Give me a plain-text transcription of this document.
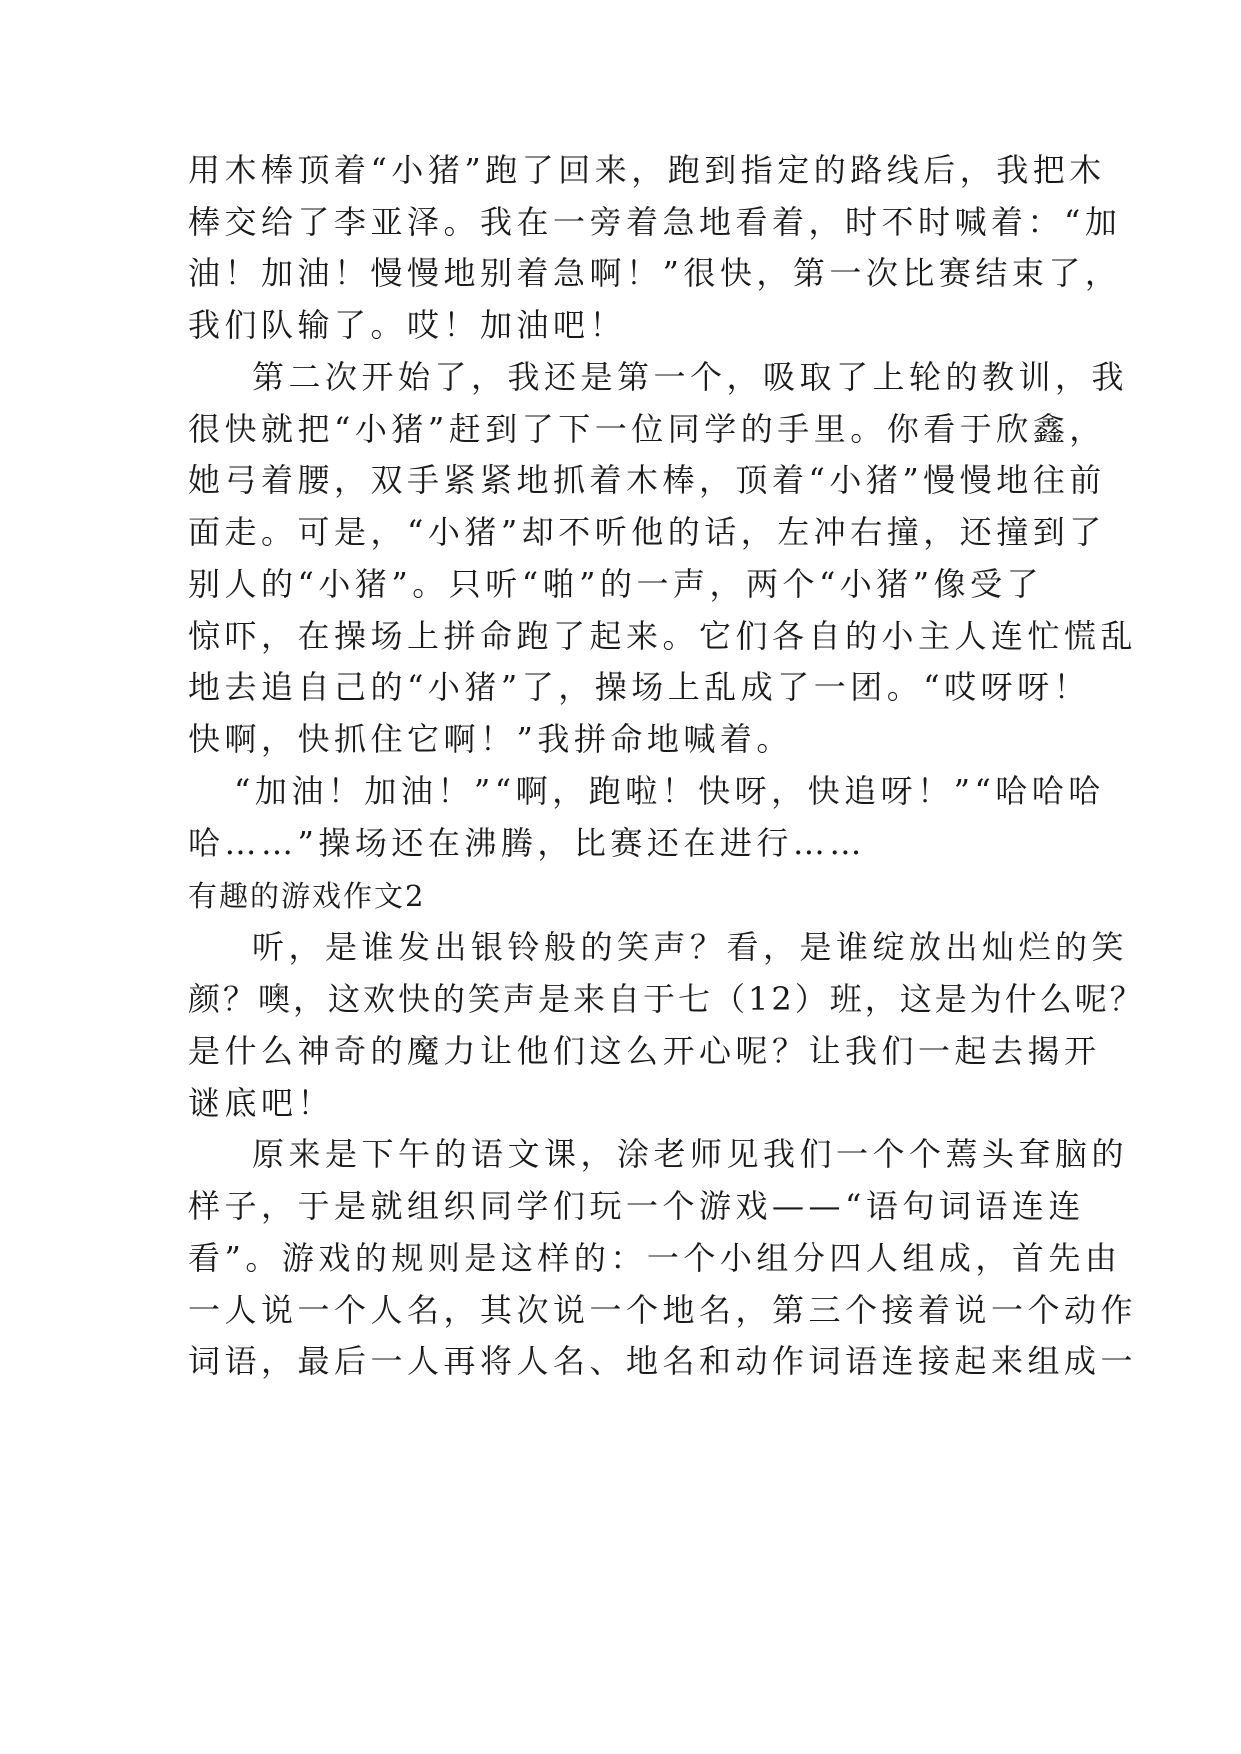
用木棒顶着“小猪”跑了回来，跑到指定的路线后，我把木
棒交给了李亚泽。我在一旁着急地看着，时不时喊着：“加
油！加油！慢慢地别着急啊！”很快，第一次比赛结束了，
我们队输了。哎！加油吧！
第二次开始了，我还是第一个，吸取了上轮的教训，我
很快就把“小猪”赶到了下一位同学的手里。你看于欣鑫，
她弓着腰，双手紧紧地抓着木棒，顶着“小猪”慢慢地往前
面走。可是，“小猪”却不听他的话，左冲右撞，还撞到了
别人的“小猪”。只听“啪”的一声，两个“小猪”像受了
惊吓，在操场上拼命跑了起来。它们各自的小主人连忙慌乱
地去追自己的“小猪”了，操场上乱成了一团。“哎呀呀！
快啊，快抓住它啊！”我拼命地喊着。
“加油！加油！”“啊，跑啦！快呀，快追呀！”“哈哈哈
哈……”操场还在沸腾，比赛还在进行……
有趣的游戏作文2
听，是谁发出银铃般的笑声？看，是谁绽放出灿烂的笑
颜？噢，这欢快的笑声是来自于七（12）班，这是为什么呢？
是什么神奇的魔力让他们这么开心呢？让我们一起去揭开
谜底吧！
原来是下午的语文课，涂老师见我们一个个蔫头耷脑的
样子，于是就组织同学们玩一个游戏——“语句词语连连
看”。游戏的规则是这样的：一个小组分四人组成，首先由
一人说一个人名，其次说一个地名，第三个接着说一个动作
词语，最后一人再将人名、地名和动作词语连接起来组成一
